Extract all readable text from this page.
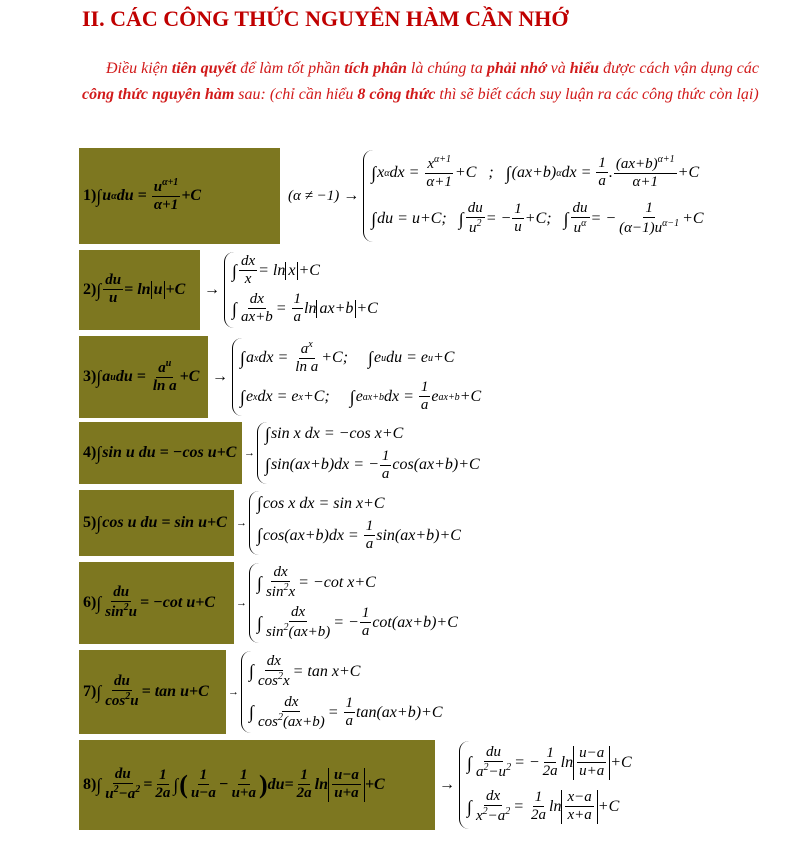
II. CÁC CÔNG THỨC NGUYÊN HÀM CẦN NHỚ
Điều kiện tiên quyết để làm tốt phần tích phân là chúng ta phải nhớ và hiểu được cách vận dụng các công thức nguyên hàm sau: (chỉ cần hiểu 8 công thức thì sẽ biết cách suy luận ra các công thức còn lại)
1) ∫ u α du = $u^{\alpha+1}$
α+1
+C	(α ≠ −1) →
∫ x α dx = $x^{\alpha+1}$
α+1
+C   ; ∫ (ax+b) α dx =
1
a
. $(ax+b)^{\alpha+1}$
α+1
+C
∫ du = u+C; ∫
du
$u^2$ = −
1
u
+C; ∫
du
$u^\alpha$ = −
1
$(\alpha-1)u^{\alpha-1} +C$
2) ∫ du
u
= ln u +C	→
∫ dx
x
= ln x +C
∫ dx
ax+b
=
1
a
ln ax+b +C
3) ∫ a u du = $a^u$
ln a
+C →
∫ a x dx = $a^x$
ln a
+C; ∫ e u du = e u +C
∫ e x dx = e x +C; ∫ e ax+b dx =
1
a
e ax+b +C
4) ∫ sin u du = −cos u+C →
∫ sin x dx = −cos x+C
∫ sin(ax+b)dx = −
1
a
cos(ax+b)+C
5) ∫ cos u du = sin u+C →
∫ cos x dx = sin x+C
∫ cos(ax+b)dx =
1
a
sin(ax+b)+C
6) ∫
du
$\sin^2u$
= −cot u+C	→
∫
dx
$\sin^2x$
= −cot x+C
∫
dx
$\sin^2(ax+b)$
= −
1
a
cot(ax+b)+C
7) ∫
du
$\cos^2u$
= tan u+C	→
∫
dx
$\cos^2x$
= tan x+C
∫
dx
$\cos^2(ax+b)$
=
1
a
tan(ax+b)+C
8) ∫
du
$u^2-a^2$ =
1
2a ∫ ( 1
u−a
−
1
u+a ) du=
1
2a
$\ln \frac{u-a}{u+a} +C$	→
∫
du
$a^2-u^2$ = −
1
2a
$\ln \frac{u-a}{u+a} +C$
∫
dx
$x^2-a^2$ =
1
2a
$\ln \frac{x-a}{x+a} +C$
